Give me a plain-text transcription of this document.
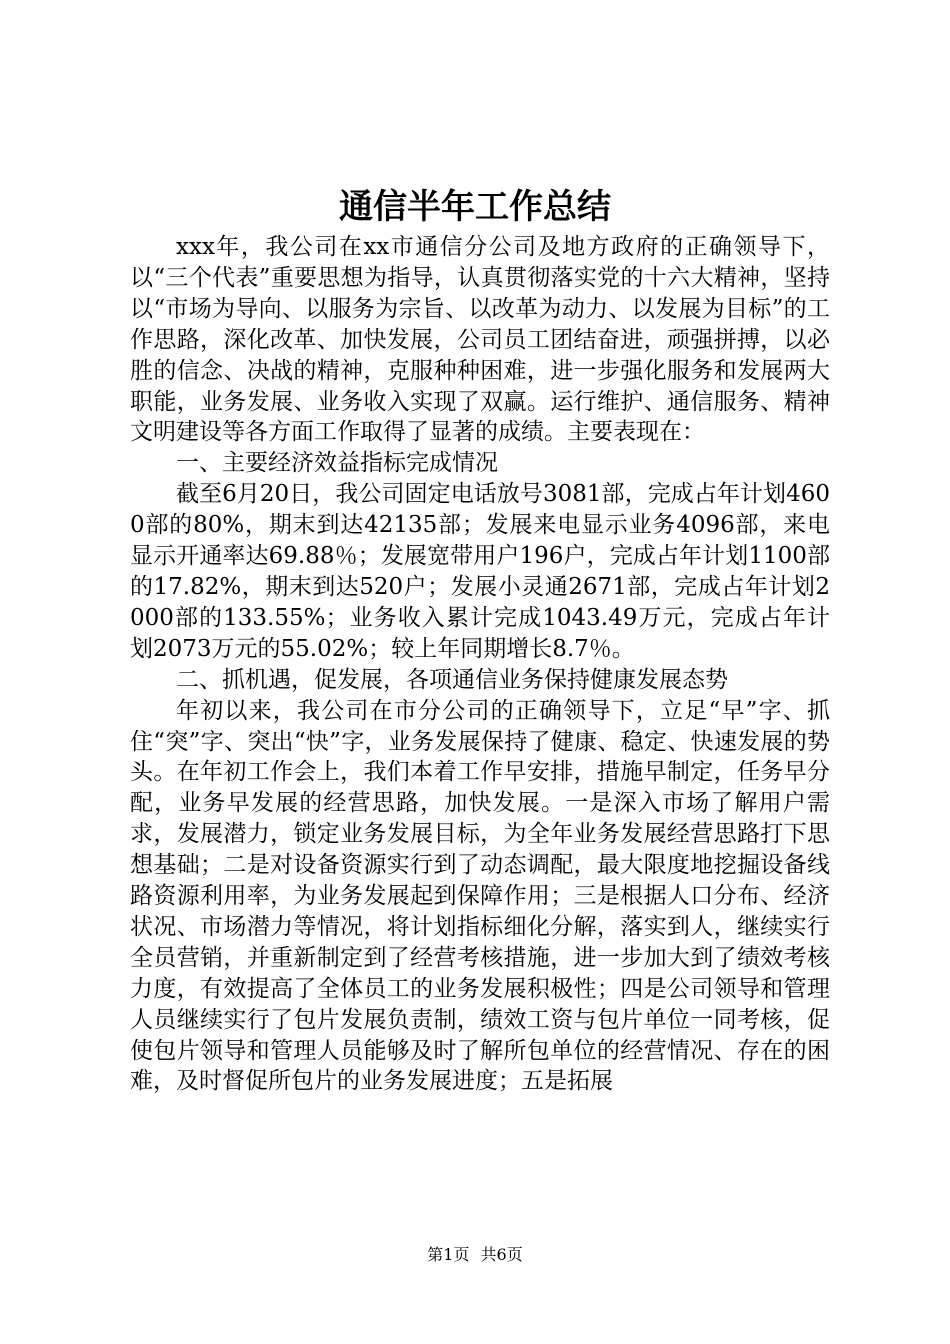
通信半年工作总结

xxx年，我公司在xx市通信分公司及地方政府的正确领导下，以“三个代表”重要思想为指导，认真贯彻落实党的十六大精神，坚持以“市场为导向、以服务为宗旨、以改革为动力、以发展为目标”的工作思路，深化改革、加快发展，公司员工团结奋进，顽强拼搏，以必胜的信念、决战的精神，克服种种困难，进一步强化服务和发展两大职能，业务发展、业务收入实现了双赢。运行维护、通信服务、精神文明建设等各方面工作取得了显著的成绩。主要表现在：

一、主要经济效益指标完成情况

截至6月20日，我公司固定电话放号3081部，完成占年计划4600部的80%，期末到达42135部；发展来电显示业务4096部，来电显示开通率达69.88％；发展宽带用户196户，完成占年计划1100部的17.82%，期末到达520户；发展小灵通2671部，完成占年计划2000部的133.55%；业务收入累计完成1043.49万元，完成占年计划2073万元的55.02%；较上年同期增长8.7％。

二、抓机遇，促发展，各项通信业务保持健康发展态势

年初以来，我公司在市分公司的正确领导下，立足“早”字、抓住“突”字、突出“快”字，业务发展保持了健康、稳定、快速发展的势头。在年初工作会上，我们本着工作早安排，措施早制定，任务早分配，业务早发展的经营思路，加快发展。一是深入市场了解用户需求，发展潜力，锁定业务发展目标，为全年业务发展经营思路打下思想基础；二是对设备资源实行到了动态调配，最大限度地挖掘设备线路资源利用率，为业务发展起到保障作用；三是根据人口分布、经济状况、市场潜力等情况，将计划指标细化分解，落实到人，继续实行全员营销，并重新制定到了经营考核措施，进一步加大到了绩效考核力度，有效提高了全体员工的业务发展积极性；四是公司领导和管理人员继续实行了包片发展负责制，绩效工资与包片单位一同考核，促使包片领导和管理人员能够及时了解所包单位的经营情况、存在的困难，及时督促所包片的业务发展进度；五是拓展

第1页 共6页
